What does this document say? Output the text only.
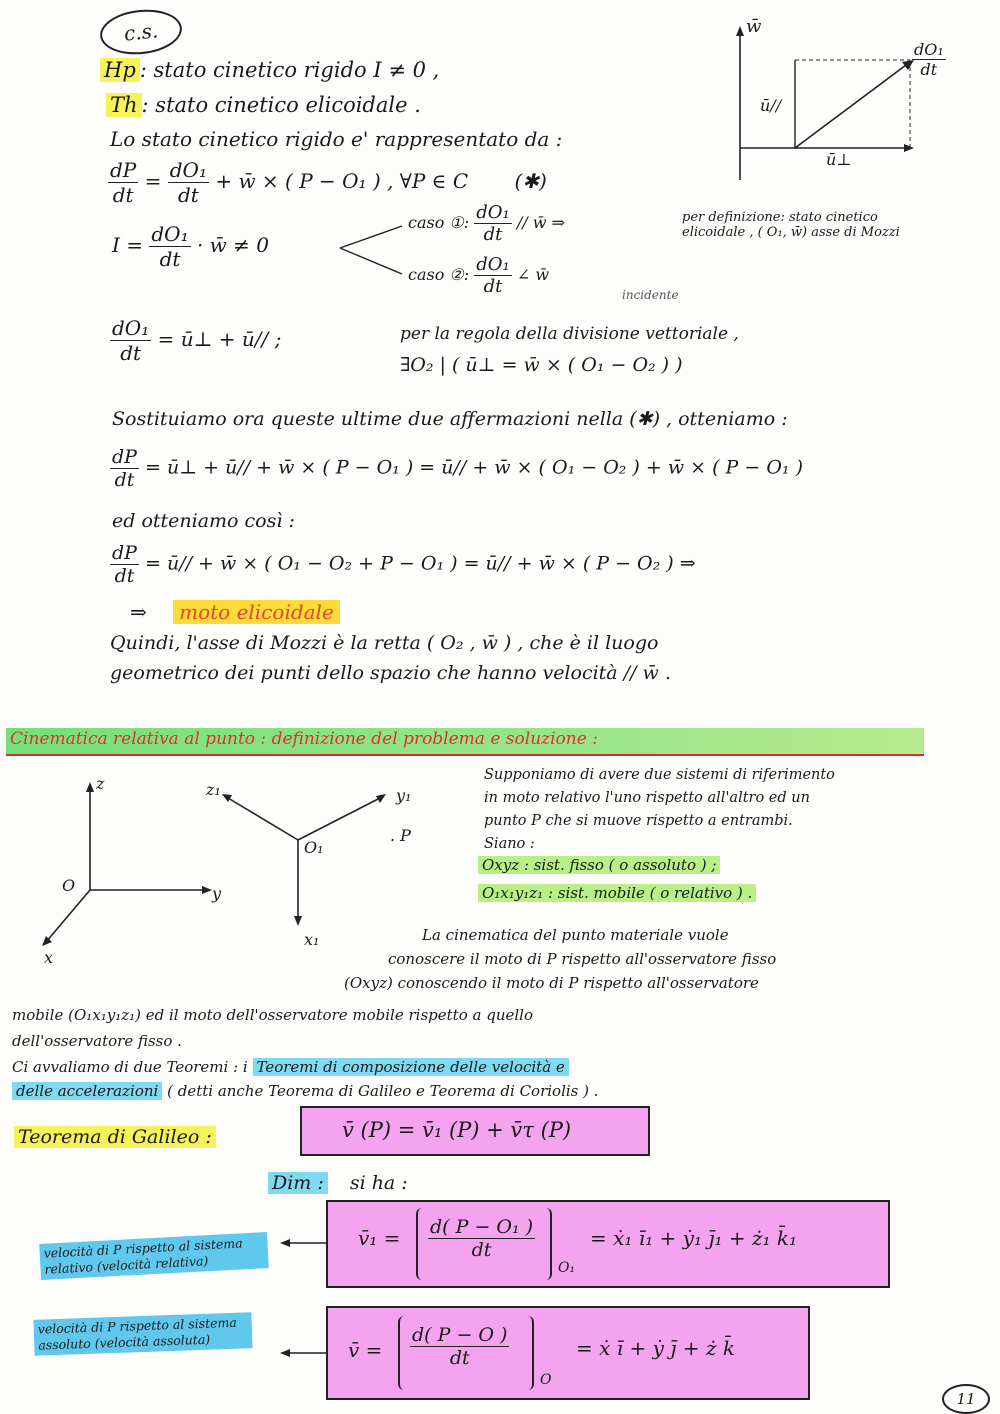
c.s.
Hp : stato cinetico rigido I ≠ 0 ,
Th : stato cinetico elicoidale .
Lo stato cinetico rigido e' rappresentato da :
$\frac{dP}{dt} = \frac{\text{dO₁}}{dt}$ + w̄ × ( P − O₁ ) , ∀P ∈ C (✱)
w̄
ū//
ū⊥
$\frac{\text{dO₁}}{dt}$
$I = \frac{\text{dO₁}}{dt}$ · w̄ ≠ 0
caso ①: $\frac{\text{dO₁}}{dt}$ // w̄ ⇒	per definizione: stato cinetico
elicoidale , ( O₁, w̄) asse di Mozzi
caso ②: $\frac{\text{dO₁}}{dt}$ ∠ w̄
incidente
$\frac{\text{dO₁}}{dt}$ = ū⊥ + ū// ;	per la regola della divisione vettoriale ,
∃O₂ | ( ū⊥ = w̄ × ( O₁ − O₂ ) )
Sostituiamo ora queste ultime due affermazioni nella (✱) , otteniamo :
$\frac{dP}{dt}$ = ū⊥ + ū// + w̄ × ( P − O₁ ) = ū// + w̄ × ( O₁ − O₂ ) + w̄ × ( P − O₁ )
ed otteniamo così :
$\frac{dP}{dt}$ = ū// + w̄ × ( O₁ − O₂ + P − O₁ ) = ū// + w̄ × ( P − O₂ ) ⇒
⇒ moto elicoidale
Quindi, l'asse di Mozzi è la retta ( O₂ , w̄ ) , che è il luogo
geometrico dei punti dello spazio che hanno velocità // w̄ .
Cinematica relativa al punto : definizione del problema e soluzione :
z
y
x
O
z₁	y₁
x₁
O₁
. P
Supponiamo di avere due sistemi di riferimento
in moto relativo l'uno rispetto all'altro ed un
punto P che si muove rispetto a entrambi.
Siano :
Oxyz : sist. fisso ( o assoluto ) ;
O₁x₁y₁z₁ : sist. mobile ( o relativo ) .
La cinematica del punto materiale vuole
conoscere il moto di P rispetto all'osservatore fisso
(Oxyz) conoscendo il moto di P rispetto all'osservatore
mobile (O₁x₁y₁z₁) ed il moto dell'osservatore mobile rispetto a quello
dell'osservatore fisso .
Ci avvaliamo di due Teoremi : i Teoremi di composizione delle velocità e
delle accelerazioni ( detti anche Teorema di Galileo e Teorema di Coriolis ) .
Teorema di Galileo :	v̄ (P) = v̄₁ (P) + v̄τ (P)
Dim : si ha :
velocità di P rispetto al sistema relativo (velocità relativa)
v̄₁ = $\frac{\text{d( P − O₁ )}}{dt}$
O₁
= ẋ₁ ī₁ + ẏ₁ j̄₁ + ż₁ k̄₁
velocità di P rispetto al sistema assoluto (velocità assoluta)	v̄ = $\frac{d( P - O )}{dt}$
O
= ẋ ī + ẏ j̄ + ż k̄
11
